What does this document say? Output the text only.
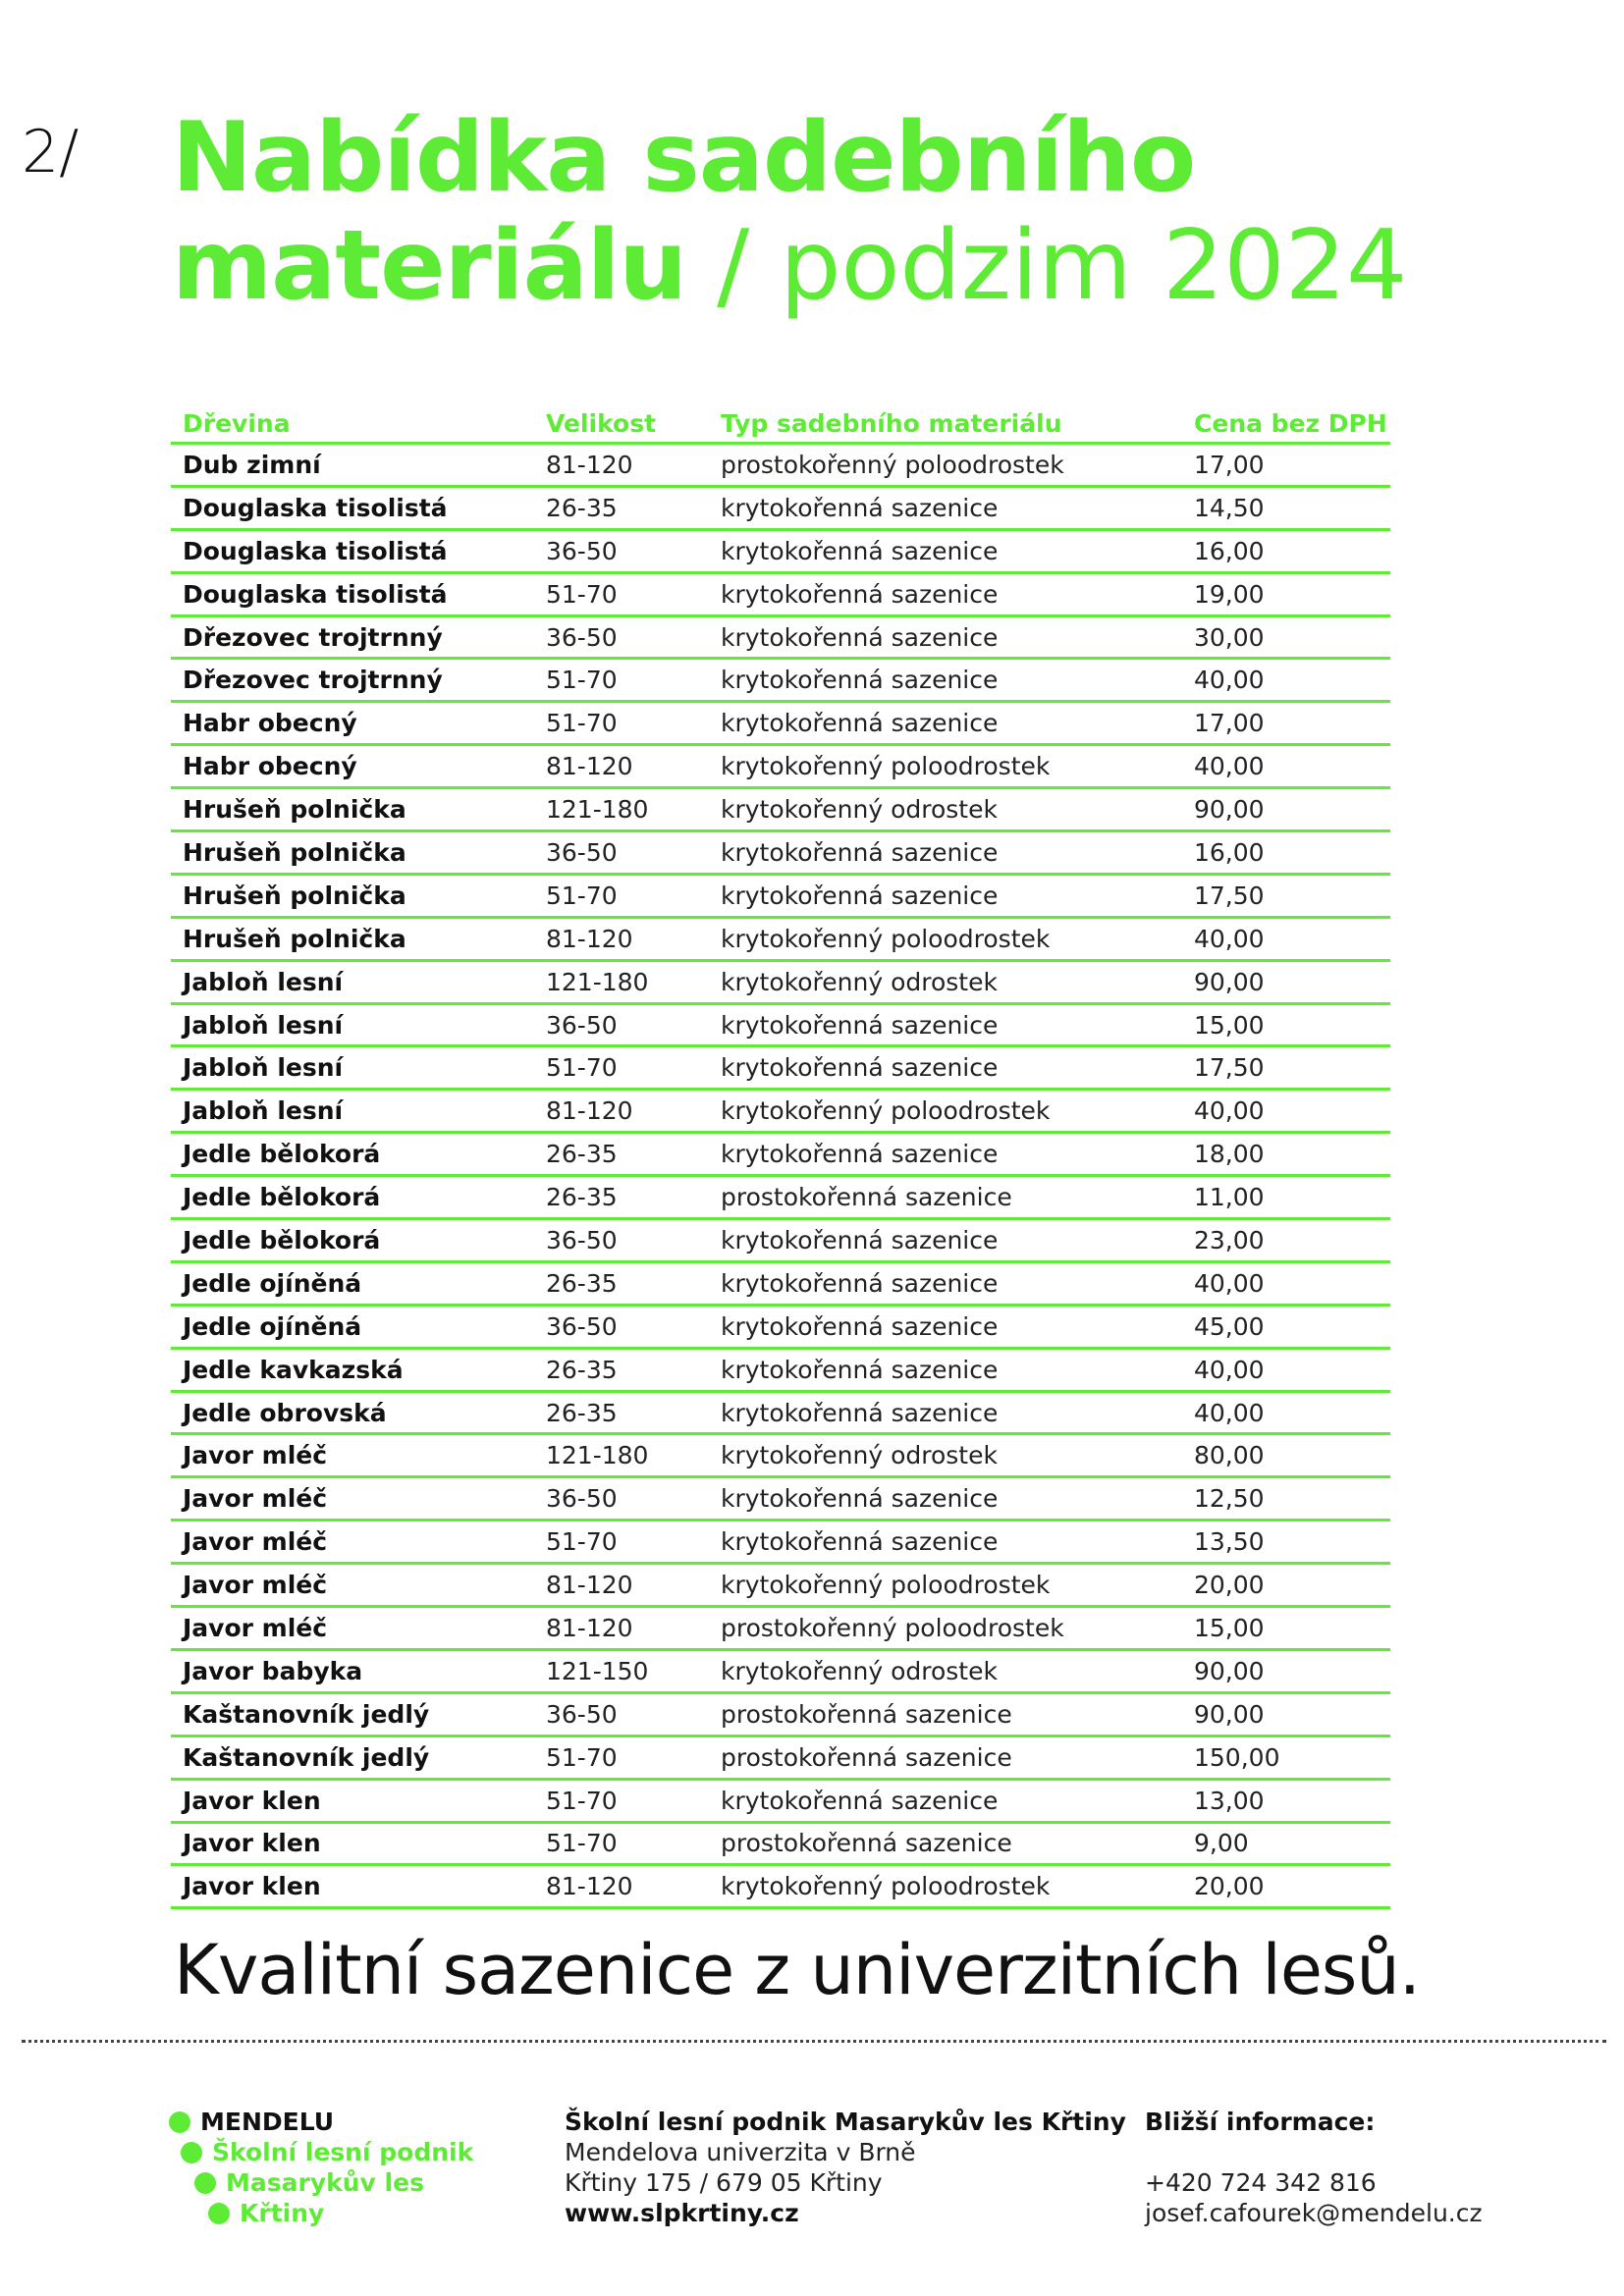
2/ Nabídka sadebního
materiálu / podzim 2024
Dřevina	Velikost	Typ sadebního materiálu	Cena bez DPH
Dub zimní	81-120	prostokořenný poloodrostek	17,00
Douglaska tisolistá	26-35	krytokořenná sazenice	14,50
Douglaska tisolistá	36-50	krytokořenná sazenice	16,00
Douglaska tisolistá	51-70	krytokořenná sazenice	19,00
Dřezovec trojtrnný	36-50	krytokořenná sazenice	30,00
Dřezovec trojtrnný	51-70	krytokořenná sazenice	40,00
Habr obecný	51-70	krytokořenná sazenice	17,00
Habr obecný	81-120	krytokořenný poloodrostek	40,00
Hrušeň polnička	121-180	krytokořenný odrostek	90,00
Hrušeň polnička	36-50	krytokořenná sazenice	16,00
Hrušeň polnička	51-70	krytokořenná sazenice	17,50
Hrušeň polnička	81-120	krytokořenný poloodrostek	40,00
Jabloň lesní	121-180	krytokořenný odrostek	90,00
Jabloň lesní	36-50	krytokořenná sazenice	15,00
Jabloň lesní	51-70	krytokořenná sazenice	17,50
Jabloň lesní	81-120	krytokořenný poloodrostek	40,00
Jedle bělokorá	26-35	krytokořenná sazenice	18,00
Jedle bělokorá	26-35	prostokořenná sazenice	11,00
Jedle bělokorá	36-50	krytokořenná sazenice	23,00
Jedle ojíněná	26-35	krytokořenná sazenice	40,00
Jedle ojíněná	36-50	krytokořenná sazenice	45,00
Jedle kavkazská	26-35	krytokořenná sazenice	40,00
Jedle obrovská	26-35	krytokořenná sazenice	40,00
Javor mléč	121-180	krytokořenný odrostek	80,00
Javor mléč	36-50	krytokořenná sazenice	12,50
Javor mléč	51-70	krytokořenná sazenice	13,50
Javor mléč	81-120	krytokořenný poloodrostek	20,00
Javor mléč	81-120	prostokořenný poloodrostek	15,00
Javor babyka	121-150	krytokořenný odrostek	90,00
Kaštanovník jedlý	36-50	prostokořenná sazenice	90,00
Kaštanovník jedlý	51-70	prostokořenná sazenice	150,00
Javor klen	51-70	krytokořenná sazenice	13,00
Javor klen	51-70	prostokořenná sazenice	9,00
Javor klen	81-120	krytokořenný poloodrostek	20,00
Kvalitní sazenice z univerzitních lesů.
MENDELU
Školní lesní podnik
Masarykův les
Křtiny
Školní lesní podnik Masarykův les Křtiny
Mendelova univerzita v Brně
Křtiny 175 / 679 05 Křtiny
www.slpkrtiny.cz
Bližší informace:
+420 724 342 816
josef.cafourek@mendelu.cz
